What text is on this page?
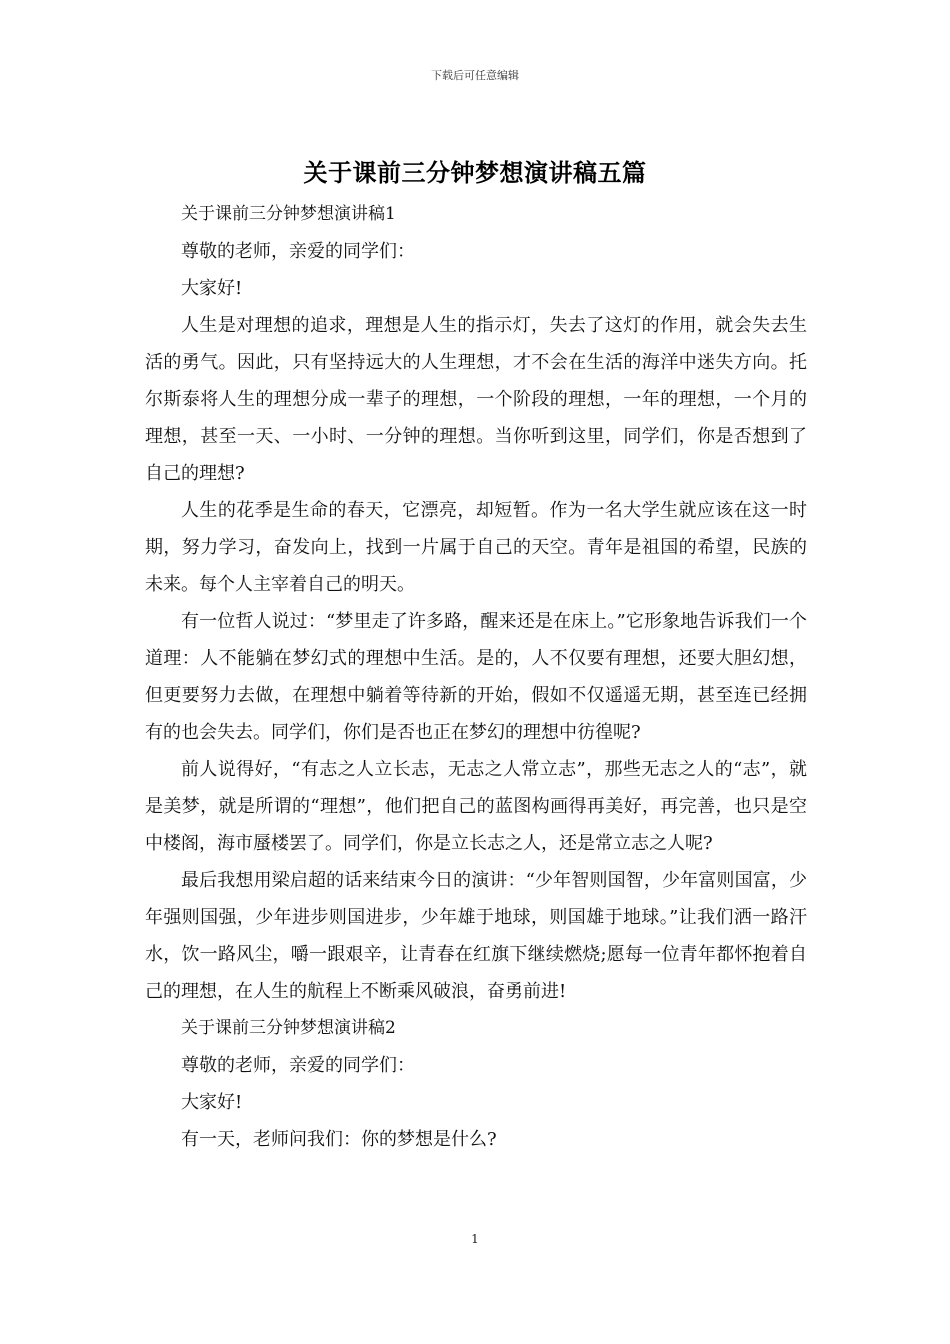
下载后可任意编辑
关于课前三分钟梦想演讲稿五篇

关于课前三分钟梦想演讲稿1

尊敬的老师，亲爱的同学们：

大家好!

人生是对理想的追求，理想是人生的指示灯，失去了这灯的作用，就会失去生活的勇气。因此，只有坚持远大的人生理想，才不会在生活的海洋中迷失方向。托尔斯泰将人生的理想分成一辈子的理想，一个阶段的理想，一年的理想，一个月的理想，甚至一天、一小时、一分钟的理想。当你听到这里，同学们，你是否想到了自己的理想?

人生的花季是生命的春天，它漂亮，却短暂。作为一名大学生就应该在这一时期，努力学习，奋发向上，找到一片属于自己的天空。青年是祖国的希望，民族的未来。每个人主宰着自己的明天。

有一位哲人说过：“梦里走了许多路，醒来还是在床上。”它形象地告诉我们一个道理：人不能躺在梦幻式的理想中生活。是的，人不仅要有理想，还要大胆幻想，但更要努力去做，在理想中躺着等待新的开始，假如不仅遥遥无期，甚至连已经拥有的也会失去。同学们，你们是否也正在梦幻的理想中彷徨呢?

前人说得好，“有志之人立长志，无志之人常立志”，那些无志之人的“志”，就是美梦，就是所谓的“理想”，他们把自己的蓝图构画得再美好，再完善，也只是空中楼阁，海市蜃楼罢了。同学们，你是立长志之人，还是常立志之人呢?

最后我想用梁启超的话来结束今日的演讲：“少年智则国智，少年富则国富，少年强则国强，少年进步则国进步，少年雄于地球，则国雄于地球。”让我们洒一路汗水，饮一路风尘，嚼一跟艰辛，让青春在红旗下继续燃烧;愿每一位青年都怀抱着自己的理想，在人生的航程上不断乘风破浪，奋勇前进!

关于课前三分钟梦想演讲稿2

尊敬的老师，亲爱的同学们：

大家好!

有一天，老师问我们：你的梦想是什么?

1
